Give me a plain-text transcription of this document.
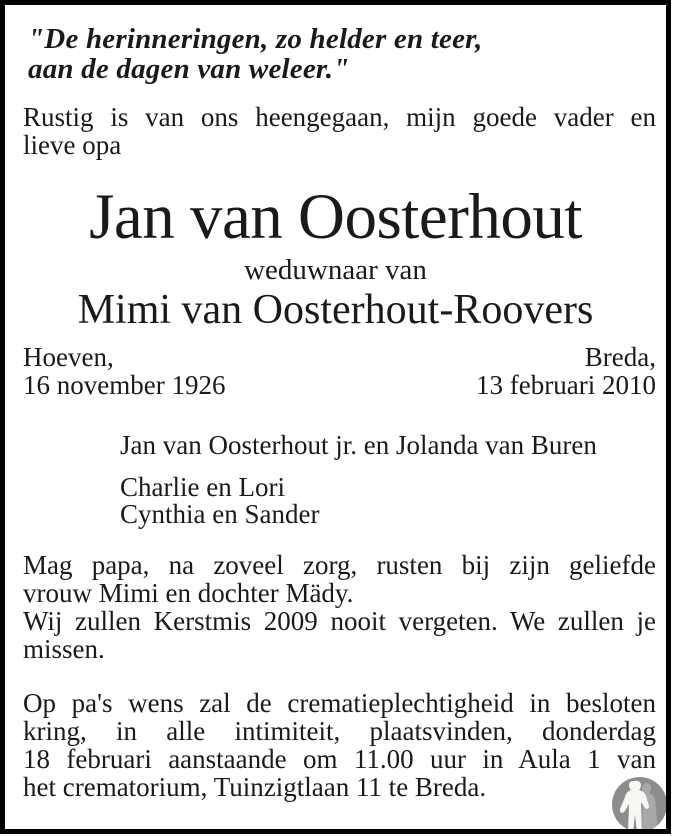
"De herinneringen, zo helder en teer,
aan de dagen van weleer."
Rustig is van ons heengegaan, mijn goede vader en
lieve opa
Jan van Oosterhout
weduwnaar van
Mimi van Oosterhout-Roovers
Hoeven,
16 november 1926
Breda,
13 februari 2010
Jan van Oosterhout jr. en Jolanda van Buren
Charlie en Lori
Cynthia en Sander
Mag papa, na zoveel zorg, rusten bij zijn geliefde
vrouw Mimi en dochter Mädy.
Wij zullen Kerstmis 2009 nooit vergeten. We zullen je
missen.
Op pa's wens zal de crematieplechtigheid in besloten
kring, in alle intimiteit, plaatsvinden, donderdag
18 februari aanstaande om 11.00 uur in Aula 1 van
het crematorium, Tuinzigtlaan 11 te Breda.
